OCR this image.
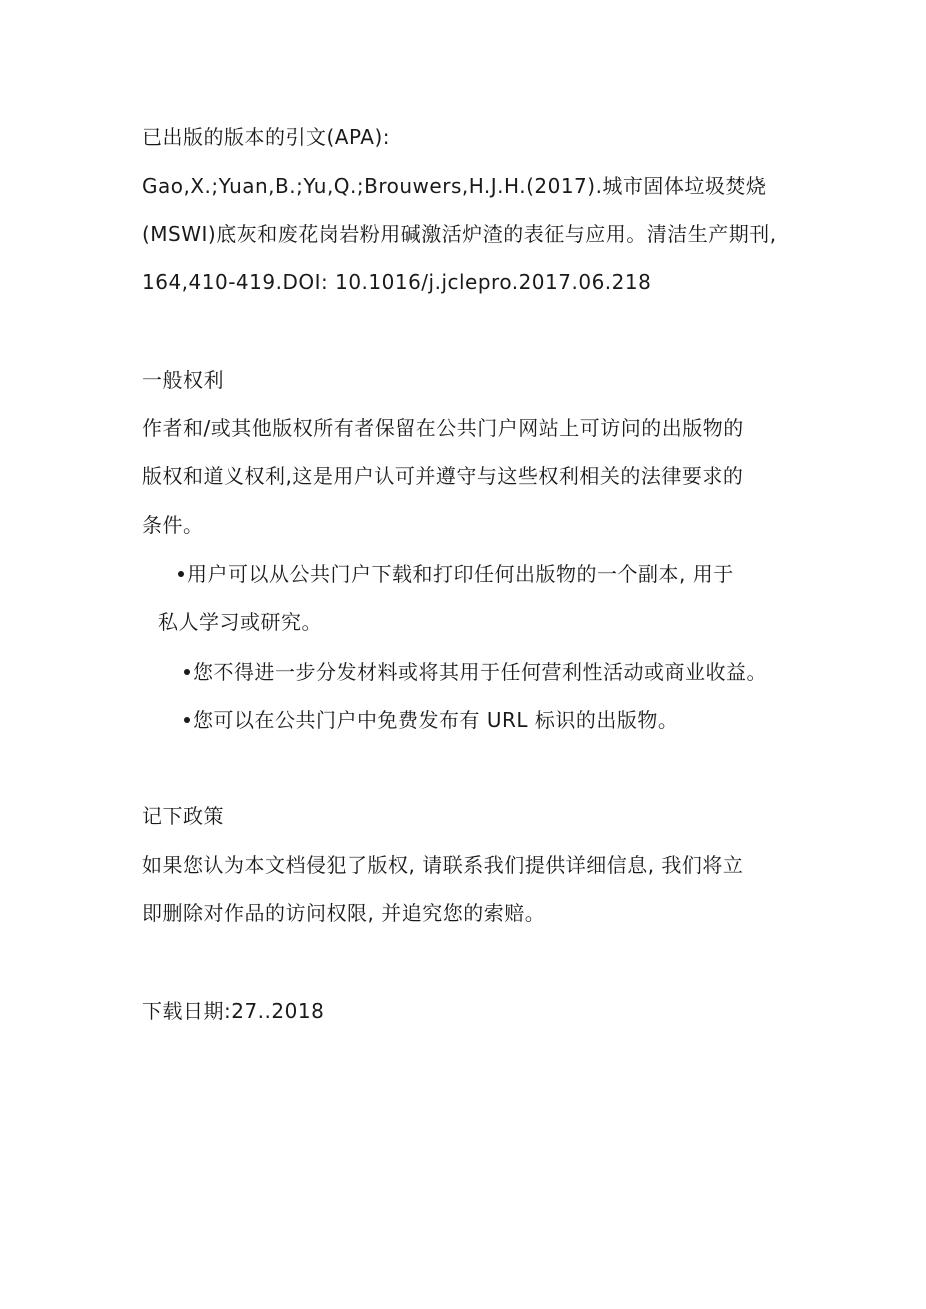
已出版的版本的引文(APA):
Gao,X.;Yuan,B.;Yu,Q.;Brouwers,H.J.H.(2017).城市固体垃圾焚烧
(MSWI)底灰和废花岗岩粉用碱激活炉渣的表征与应用。清洁生产期刊,
164,410-419.DOI: 10.1016/j.jclepro.2017.06.218
一般权利
作者和/或其他版权所有者保留在公共门户网站上可访问的出版物的
版权和道义权利,这是用户认可并遵守与这些权利相关的法律要求的
条件。
用户可以从公共门户下载和打印任何出版物的一个副本, 用于
私人学习或研究。
您不得进一步分发材料或将其用于任何营利性活动或商业收益。
您可以在公共门户中免费发布有 URL 标识的出版物。
记下政策
如果您认为本文档侵犯了版权, 请联系我们提供详细信息, 我们将立
即删除对作品的访问权限, 并追究您的索赔。
下载日期:27..2018
